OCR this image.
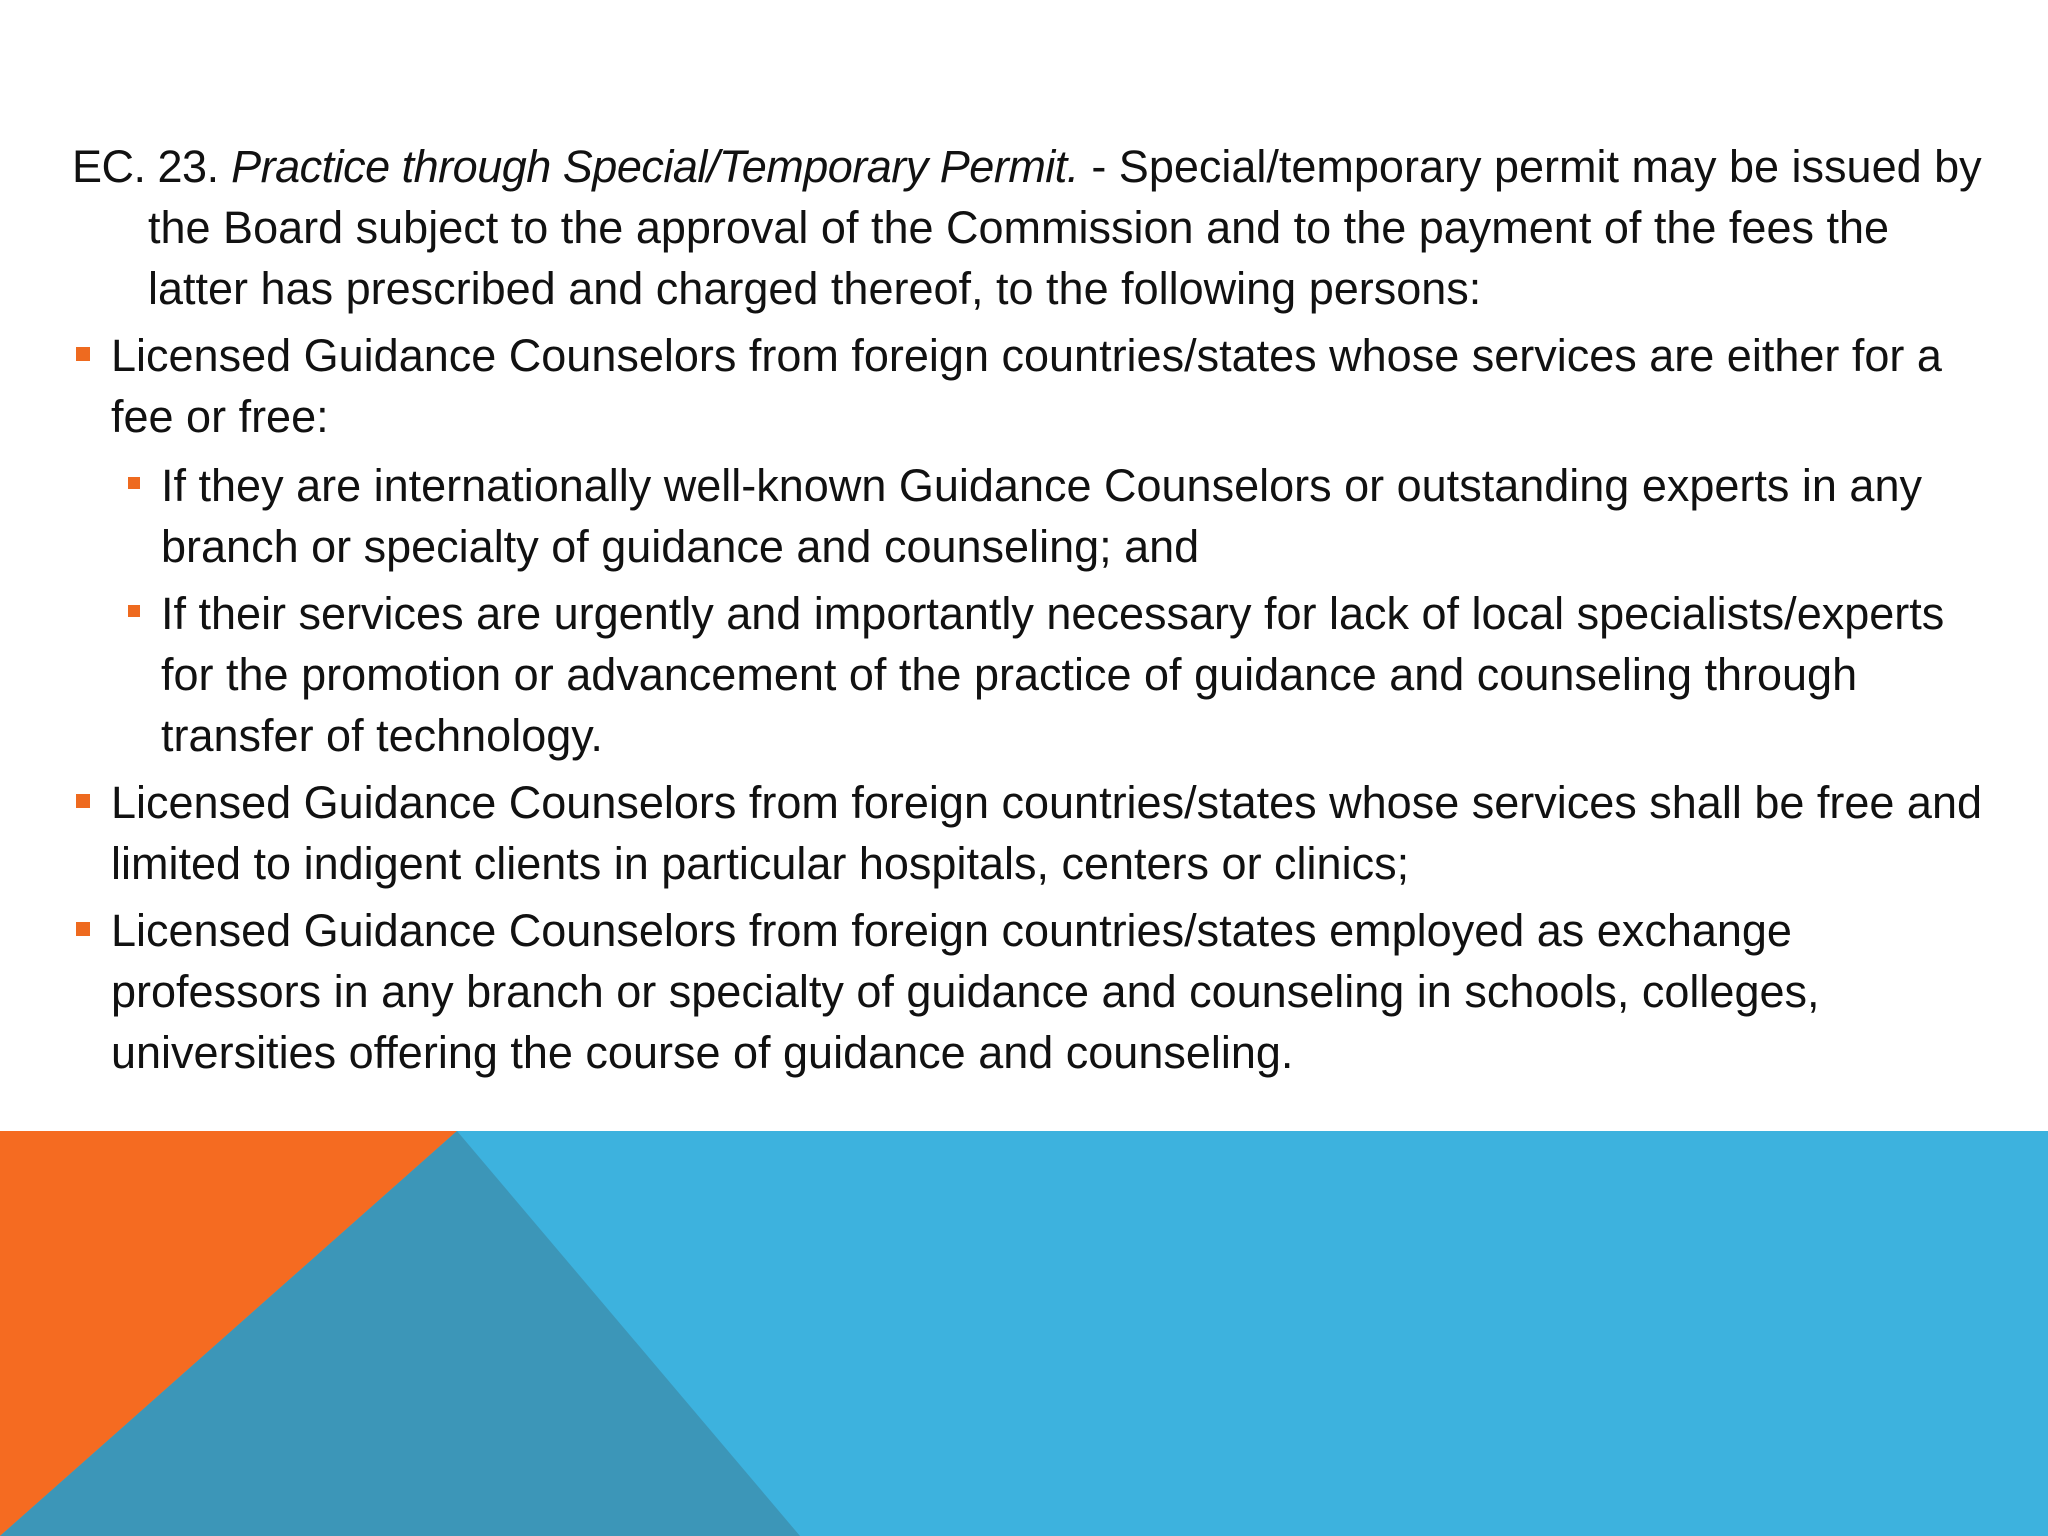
EC. 23. Practice through Special/Temporary Permit. - Special/temporary permit may be issued by the Board subject to the approval of the Commission and to the payment of the fees the latter has prescribed and charged thereof, to the following persons:

Licensed Guidance Counselors from foreign countries/states whose services are either for a fee or free:
If they are internationally well-known Guidance Counselors or outstanding experts in any branch or specialty of guidance and counseling; and
If their services are urgently and importantly necessary for lack of local specialists/experts for the promotion or advancement of the practice of guidance and counseling through transfer of technology.
Licensed Guidance Counselors from foreign countries/states whose services shall be free and limited to indigent clients in particular hospitals, centers or clinics;
Licensed Guidance Counselors from foreign countries/states employed as exchange professors in any branch or specialty of guidance and counseling in schools, colleges, universities offering the course of guidance and counseling.
